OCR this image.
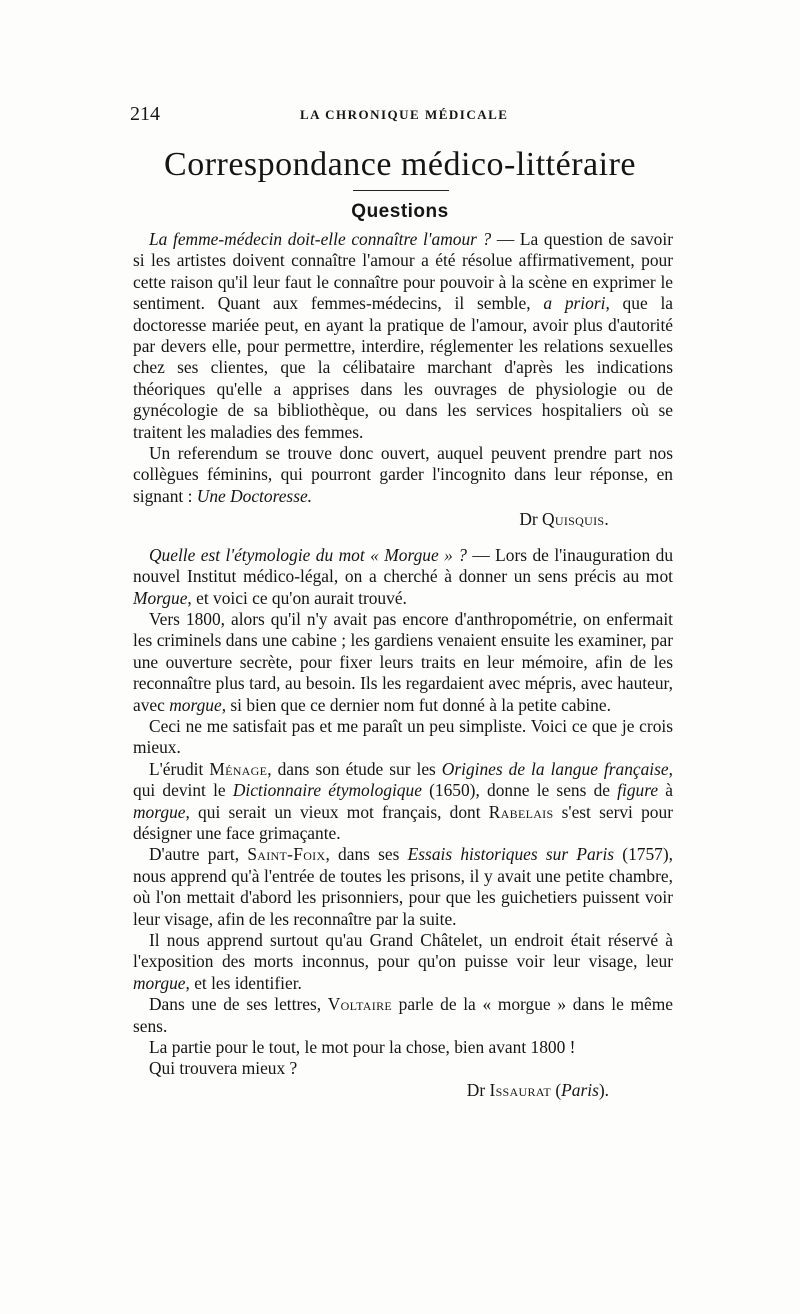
214	LA CHRONIQUE MÉDICALE
Correspondance médico-littéraire
Questions

La femme-médecin doit-elle connaître l'amour ? — La question de savoir si les artistes doivent connaître l'amour a été résolue affirmativement, pour cette raison qu'il leur faut le connaître pour pouvoir à la scène en exprimer le sentiment. Quant aux femmes-médecins, il semble, a priori, que la doctoresse mariée peut, en ayant la pratique de l'amour, avoir plus d'autorité par devers elle, pour permettre, interdire, réglementer les relations sexuelles chez ses clientes, que la célibataire marchant d'après les indications théoriques qu'elle a apprises dans les ouvrages de physiologie ou de gynécologie de sa bibliothèque, ou dans les services hospitaliers où se traitent les maladies des femmes.

Un referendum se trouve donc ouvert, auquel peuvent prendre part nos collègues féminins, qui pourront garder l'incognito dans leur réponse, en signant : Une Doctoresse.

Dr Quisquis.

Quelle est l'étymologie du mot « Morgue » ? — Lors de l'inauguration du nouvel Institut médico-légal, on a cherché à donner un sens précis au mot Morgue, et voici ce qu'on aurait trouvé.

Vers 1800, alors qu'il n'y avait pas encore d'anthropométrie, on enfermait les criminels dans une cabine ; les gardiens venaient ensuite les examiner, par une ouverture secrète, pour fixer leurs traits en leur mémoire, afin de les reconnaître plus tard, au besoin. Ils les regardaient avec mépris, avec hauteur, avec morgue, si bien que ce dernier nom fut donné à la petite cabine.

Ceci ne me satisfait pas et me paraît un peu simpliste. Voici ce que je crois mieux.

L'érudit Ménage, dans son étude sur les Origines de la langue française, qui devint le Dictionnaire étymologique (1650), donne le sens de figure à morgue, qui serait un vieux mot français, dont Rabelais s'est servi pour désigner une face grimaçante.

D'autre part, Saint-Foix, dans ses Essais historiques sur Paris (1757), nous apprend qu'à l'entrée de toutes les prisons, il y avait une petite chambre, où l'on mettait d'abord les prisonniers, pour que les guichetiers puissent voir leur visage, afin de les reconnaître par la suite.

Il nous apprend surtout qu'au Grand Châtelet, un endroit était réservé à l'exposition des morts inconnus, pour qu'on puisse voir leur visage, leur morgue, et les identifier.

Dans une de ses lettres, Voltaire parle de la « morgue » dans le même sens.

La partie pour le tout, le mot pour la chose, bien avant 1800 !

Qui trouvera mieux ?

Dr Issaurat (Paris).
